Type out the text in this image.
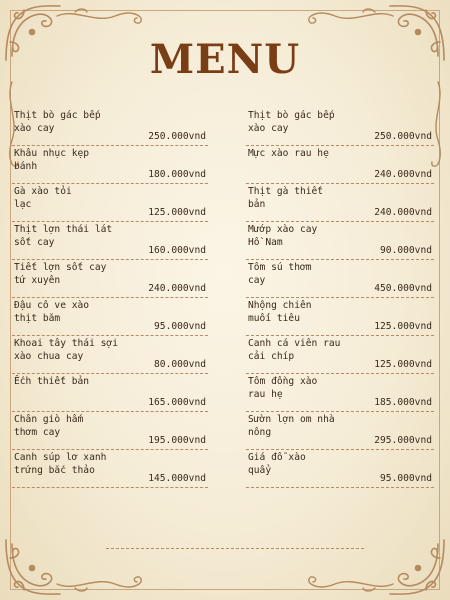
MENU
Thịt bò gác bếp
xào cay
250.000vnd
Khâu nhục kẹp
bánh
180.000vnd
Gà xào tỏi
lạc
125.000vnd
Thịt lợn thái lát
sốt cay
160.000vnd
Tiết lợn sốt cay
tứ xuyên
240.000vnd
Đậu cô ve xào
thịt băm
95.000vnd
Khoai tây thái sợi
xào chua cay
80.000vnd
Ếch thiết bản
165.000vnd
Chân giò hấm
thơm cay
195.000vnd
Canh súp lơ xanh
trứng bắc thảo
145.000vnd
Thịt bò gác bếp
xào cay
250.000vnd
Mực xào rau hẹ
240.000vnd
Thịt gà thiết
bản
240.000vnd
Mướp xào cay
Hồ Nam
90.000vnd
Tôm sú thơm
cay
450.000vnd
Nhộng chiên
muối tiêu
125.000vnd
Canh cá viên rau
cải chíp
125.000vnd
Tôm đồng xào
rau hẹ
185.000vnd
Sườn lợn om nhà
nông
295.000vnd
Giá đỗ xào
quẩy
95.000vnd
